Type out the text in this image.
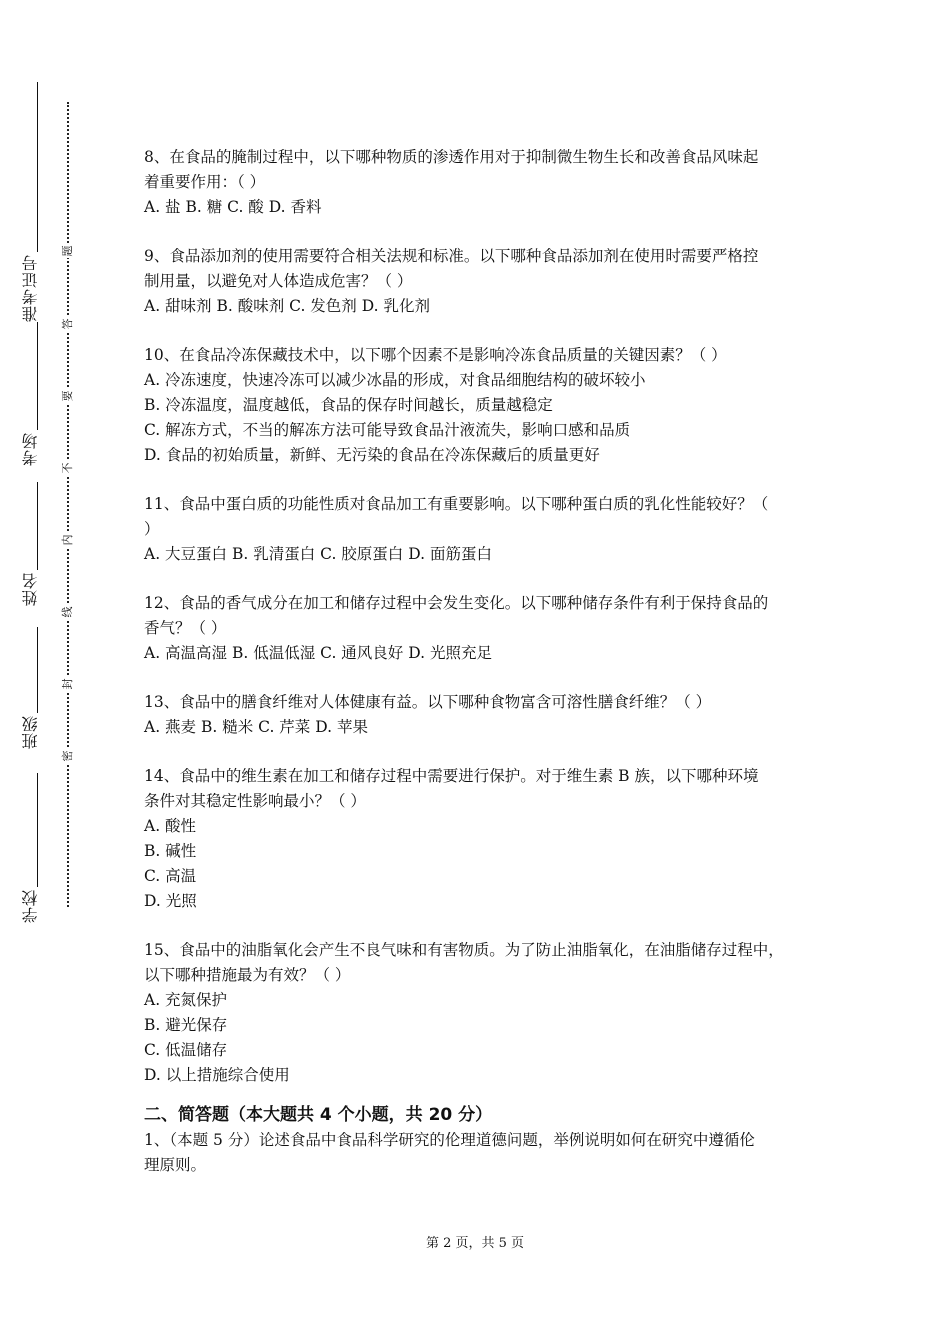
准考证号
考场
姓名
班级
学校
题
答
要
不
内
线
封
密

8、在食品的腌制过程中，以下哪种物质的渗透作用对于抑制微生物生长和改善食品风味起

着重要作用：（ ）

A. 盐 B. 糖 C. 酸 D. 香料

9、食品添加剂的使用需要符合相关法规和标准。以下哪种食品添加剂在使用时需要严格控

制用量，以避免对人体造成危害？（ ）

A. 甜味剂 B. 酸味剂 C. 发色剂 D. 乳化剂

10、在食品冷冻保藏技术中，以下哪个因素不是影响冷冻食品质量的关键因素？（ ）

A. 冷冻速度，快速冷冻可以减少冰晶的形成，对食品细胞结构的破坏较小

B. 冷冻温度，温度越低，食品的保存时间越长，质量越稳定

C. 解冻方式，不当的解冻方法可能导致食品汁液流失，影响口感和品质

D. 食品的初始质量，新鲜、无污染的食品在冷冻保藏后的质量更好

11、食品中蛋白质的功能性质对食品加工有重要影响。以下哪种蛋白质的乳化性能较好？（

）

A. 大豆蛋白 B. 乳清蛋白 C. 胶原蛋白 D. 面筋蛋白

12、食品的香气成分在加工和储存过程中会发生变化。以下哪种储存条件有利于保持食品的

香气？（ ）

A. 高温高湿 B. 低温低湿 C. 通风良好 D. 光照充足

13、食品中的膳食纤维对人体健康有益。以下哪种食物富含可溶性膳食纤维？（ ）

A. 燕麦 B. 糙米 C. 芹菜 D. 苹果

14、食品中的维生素在加工和储存过程中需要进行保护。对于维生素 B 族，以下哪种环境

条件对其稳定性影响最小？（ ）

A. 酸性

B. 碱性

C. 高温

D. 光照

15、食品中的油脂氧化会产生不良气味和有害物质。为了防止油脂氧化，在油脂储存过程中，

以下哪种措施最为有效？（ ）

A. 充氮保护

B. 避光保存

C. 低温储存

D. 以上措施综合使用

二、简答题（本大题共 4 个小题，共 20 分）

1、（本题 5 分）论述食品中食品科学研究的伦理道德问题，举例说明如何在研究中遵循伦

理原则。

第 2 页，共 5 页
